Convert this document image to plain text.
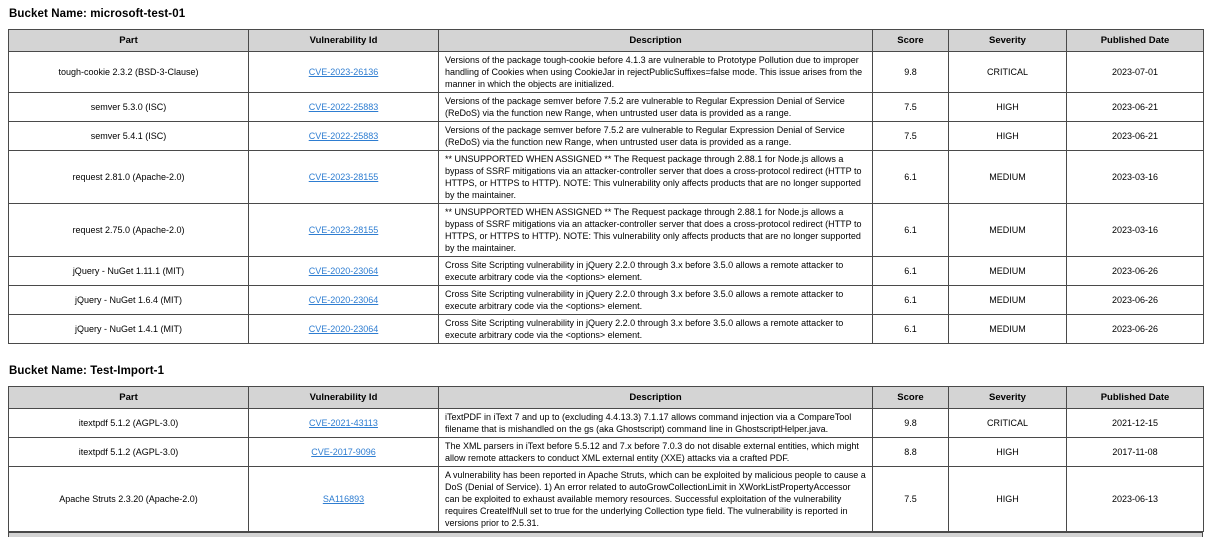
Bucket Name: microsoft-test-01
Part	Vulnerability Id	Description	Score	Severity	Published Date
tough-cookie 2.3.2 (BSD-3-Clause)	CVE-2023-26136	Versions of the package tough-cookie before 4.1.3 are vulnerable to Prototype Pollution due to improper handling of Cookies when using CookieJar in rejectPublicSuffixes=false mode. This issue arises from the manner in which the objects are initialized.	9.8	CRITICAL	2023-07-01
semver 5.3.0 (ISC)	CVE-2022-25883	Versions of the package semver before 7.5.2 are vulnerable to Regular Expression Denial of Service (ReDoS) via the function new Range, when untrusted user data is provided as a range.	7.5	HIGH	2023-06-21
semver 5.4.1 (ISC)	CVE-2022-25883	Versions of the package semver before 7.5.2 are vulnerable to Regular Expression Denial of Service (ReDoS) via the function new Range, when untrusted user data is provided as a range.	7.5	HIGH	2023-06-21
request 2.81.0 (Apache-2.0)	CVE-2023-28155	** UNSUPPORTED WHEN ASSIGNED ** The Request package through 2.88.1 for Node.js allows a bypass of SSRF mitigations via an attacker-controller server that does a cross-protocol redirect (HTTP to HTTPS, or HTTPS to HTTP). NOTE: This vulnerability only affects products that are no longer supported by the maintainer.	6.1	MEDIUM	2023-03-16
request 2.75.0 (Apache-2.0)	CVE-2023-28155	** UNSUPPORTED WHEN ASSIGNED ** The Request package through 2.88.1 for Node.js allows a bypass of SSRF mitigations via an attacker-controller server that does a cross-protocol redirect (HTTP to HTTPS, or HTTPS to HTTP). NOTE: This vulnerability only affects products that are no longer supported by the maintainer.	6.1	MEDIUM	2023-03-16
jQuery - NuGet 1.11.1 (MIT)	CVE-2020-23064	Cross Site Scripting vulnerability in jQuery 2.2.0 through 3.x before 3.5.0 allows a remote attacker to execute arbitrary code via the <options> element.	6.1	MEDIUM	2023-06-26
jQuery - NuGet 1.6.4 (MIT)	CVE-2020-23064	Cross Site Scripting vulnerability in jQuery 2.2.0 through 3.x before 3.5.0 allows a remote attacker to execute arbitrary code via the <options> element.	6.1	MEDIUM	2023-06-26
jQuery - NuGet 1.4.1 (MIT)	CVE-2020-23064	Cross Site Scripting vulnerability in jQuery 2.2.0 through 3.x before 3.5.0 allows a remote attacker to execute arbitrary code via the <options> element.	6.1	MEDIUM	2023-06-26
Bucket Name: Test-Import-1
Part	Vulnerability Id	Description	Score	Severity	Published Date
itextpdf 5.1.2 (AGPL-3.0)	CVE-2021-43113	iTextPDF in iText 7 and up to (excluding 4.4.13.3) 7.1.17 allows command injection via a CompareTool filename that is mishandled on the gs (aka Ghostscript) command line in GhostscriptHelper.java.	9.8	CRITICAL	2021-12-15
itextpdf 5.1.2 (AGPL-3.0)	CVE-2017-9096	The XML parsers in iText before 5.5.12 and 7.x before 7.0.3 do not disable external entities, which might allow remote attackers to conduct XML external entity (XXE) attacks via a crafted PDF.	8.8	HIGH	2017-11-08
Apache Struts 2.3.20 (Apache-2.0)	SA116893	A vulnerability has been reported in Apache Struts, which can be exploited by malicious people to cause a DoS (Denial of Service). 1) An error related to autoGrowCollectionLimit in XWorkListPropertyAccessor can be exploited to exhaust available memory resources. Successful exploitation of the vulnerability requires CreateIfNull set to true for the underlying Collection type field. The vulnerability is reported in versions prior to 2.5.31.	7.5	HIGH	2023-06-13
